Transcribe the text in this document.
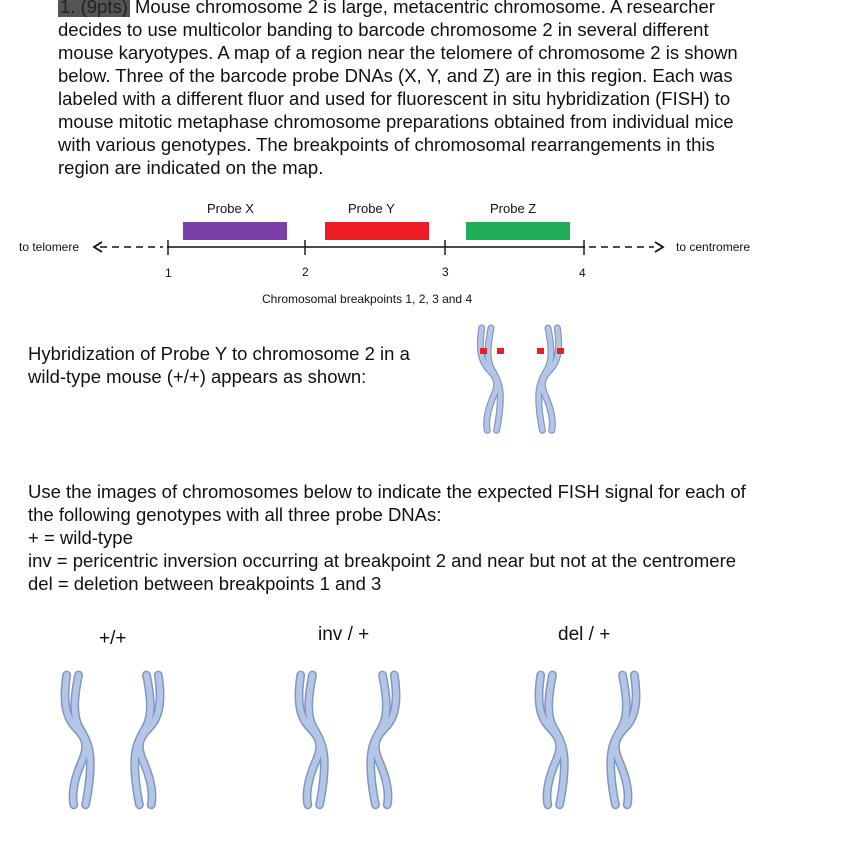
1. (9pts) Mouse chromosome 2 is large, metacentric chromosome. A researcher
decides to use multicolor banding to barcode chromosome 2 in several different
mouse karyotypes. A map of a region near the telomere of chromosome 2 is shown
below. Three of the barcode probe DNAs (X, Y, and Z) are in this region. Each was
labeled with a different fluor and used for fluorescent in situ hybridization (FISH) to
mouse mitotic metaphase chromosome preparations obtained from individual mice
with various genotypes. The breakpoints of chromosomal rearrangements in this
region are indicated on the map.
Probe X	Probe Y	Probe Z
to telomere	to centromere
1	2	3	4
Chromosomal breakpoints 1, 2, 3 and 4
Hybridization of Probe Y to chromosome 2 in a
wild-type mouse (+/+) appears as shown:
Use the images of chromosomes below to indicate the expected FISH signal for each of
the following genotypes with all three probe DNAs:
+ = wild-type
inv = pericentric inversion occurring at breakpoint 2 and near but not at the centromere
del = deletion between breakpoints 1 and 3
+/+	inv / +	del / +
